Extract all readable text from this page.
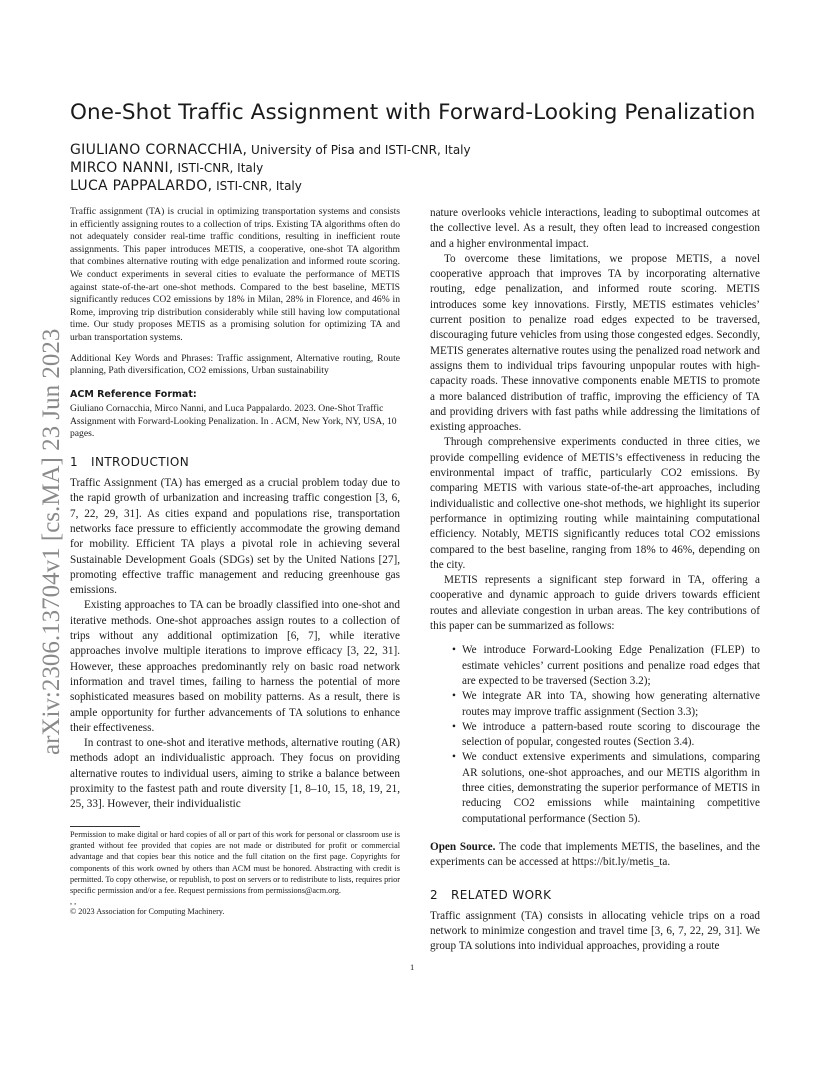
arXiv:2306.13704v1 [cs.MA] 23 Jun 2023
One-Shot Traffic Assignment with Forward-Looking Penalization
GIULIANO CORNACCHIA, University of Pisa and ISTI-CNR, Italy
MIRCO NANNI, ISTI-CNR, Italy
LUCA PAPPALARDO, ISTI-CNR, Italy

Traffic assignment (TA) is crucial in optimizing transportation systems and consists in efficiently assigning routes to a collection of trips. Existing TA algorithms often do not adequately consider real-time traffic conditions, resulting in inefficient route assignments. This paper introduces METIS, a cooperative, one-shot TA algorithm that combines alternative routing with edge penalization and informed route scoring. We conduct experiments in several cities to evaluate the performance of METIS against state-of-the-art one-shot methods. Compared to the best baseline, METIS significantly reduces CO2 emissions by 18% in Milan, 28% in Florence, and 46% in Rome, improving trip distribution considerably while still having low computational time. Our study proposes METIS as a promising solution for optimizing TA and urban transportation systems.

Additional Key Words and Phrases: Traffic assignment, Alternative routing, Route planning, Path diversification, CO2 emissions, Urban sustainability

ACM Reference Format:

Giuliano Cornacchia, Mirco Nanni, and Luca Pappalardo. 2023. One-Shot Traffic Assignment with Forward-Looking Penalization. In . ACM, New York, NY, USA, 10 pages.

1 INTRODUCTION

Traffic Assignment (TA) has emerged as a crucial problem today due to the rapid growth of urbanization and increasing traffic congestion [3, 6, 7, 22, 29, 31]. As cities expand and populations rise, transportation networks face pressure to efficiently accommodate the growing demand for mobility. Efficient TA plays a pivotal role in achieving several Sustainable Development Goals (SDGs) set by the United Nations [27], promoting effective traffic management and reducing greenhouse gas emissions.

Existing approaches to TA can be broadly classified into one-shot and iterative methods. One-shot approaches assign routes to a collection of trips without any additional optimization [6, 7], while iterative approaches involve multiple iterations to improve efficacy [3, 22, 31]. However, these approaches predominantly rely on basic road network information and travel times, failing to harness the potential of more sophisticated measures based on mobility patterns. As a result, there is ample opportunity for further advancements of TA solutions to enhance their effectiveness.

In contrast to one-shot and iterative methods, alternative routing (AR) methods adopt an individualistic approach. They focus on providing alternative routes to individual users, aiming to strike a balance between proximity to the fastest path and route diversity [1, 8–10, 15, 18, 19, 21, 25, 33]. However, their individualistic

Permission to make digital or hard copies of all or part of this work for personal or classroom use is granted without fee provided that copies are not made or distributed for profit or commercial advantage and that copies bear this notice and the full citation on the first page. Copyrights for components of this work owned by others than ACM must be honored. Abstracting with credit is permitted. To copy otherwise, or republish, to post on servers or to redistribute to lists, requires prior specific permission and/or a fee. Request permissions from permissions@acm.org.

, ,

© 2023 Association for Computing Machinery.

nature overlooks vehicle interactions, leading to suboptimal outcomes at the collective level. As a result, they often lead to increased congestion and a higher environmental impact.

To overcome these limitations, we propose METIS, a novel cooperative approach that improves TA by incorporating alternative routing, edge penalization, and informed route scoring. METIS introduces some key innovations. Firstly, METIS estimates vehicles’ current position to penalize road edges expected to be traversed, discouraging future vehicles from using those congested edges. Secondly, METIS generates alternative routes using the penalized road network and assigns them to individual trips favouring unpopular routes with high-capacity roads. These innovative components enable METIS to promote a more balanced distribution of traffic, improving the efficiency of TA and providing drivers with fast paths while addressing the limitations of existing approaches.

Through comprehensive experiments conducted in three cities, we provide compelling evidence of METIS’s effectiveness in reducing the environmental impact of traffic, particularly CO2 emissions. By comparing METIS with various state-of-the-art approaches, including individualistic and collective one-shot methods, we highlight its superior performance in optimizing routing while maintaining computational efficiency. Notably, METIS significantly reduces total CO2 emissions compared to the best baseline, ranging from 18% to 46%, depending on the city.

METIS represents a significant step forward in TA, offering a cooperative and dynamic approach to guide drivers towards efficient routes and alleviate congestion in urban areas. The key contributions of this paper can be summarized as follows:

• We introduce Forward-Looking Edge Penalization (FLEP) to estimate vehicles’ current positions and penalize road edges that are expected to be traversed (Section 3.2);
• We integrate AR into TA, showing how generating alternative routes may improve traffic assignment (Section 3.3);
• We introduce a pattern-based route scoring to discourage the selection of popular, congested routes (Section 3.4).
• We conduct extensive experiments and simulations, comparing AR solutions, one-shot approaches, and our METIS algorithm in three cities, demonstrating the superior performance of METIS in reducing CO2 emissions while maintaining competitive computational performance (Section 5).

Open Source. The code that implements METIS, the baselines, and the experiments can be accessed at https://bit.ly/metis_ta.

2 RELATED WORK

Traffic assignment (TA) consists in allocating vehicle trips on a road network to minimize congestion and travel time [3, 6, 7, 22, 29, 31]. We group TA solutions into individual approaches, providing a route

1
